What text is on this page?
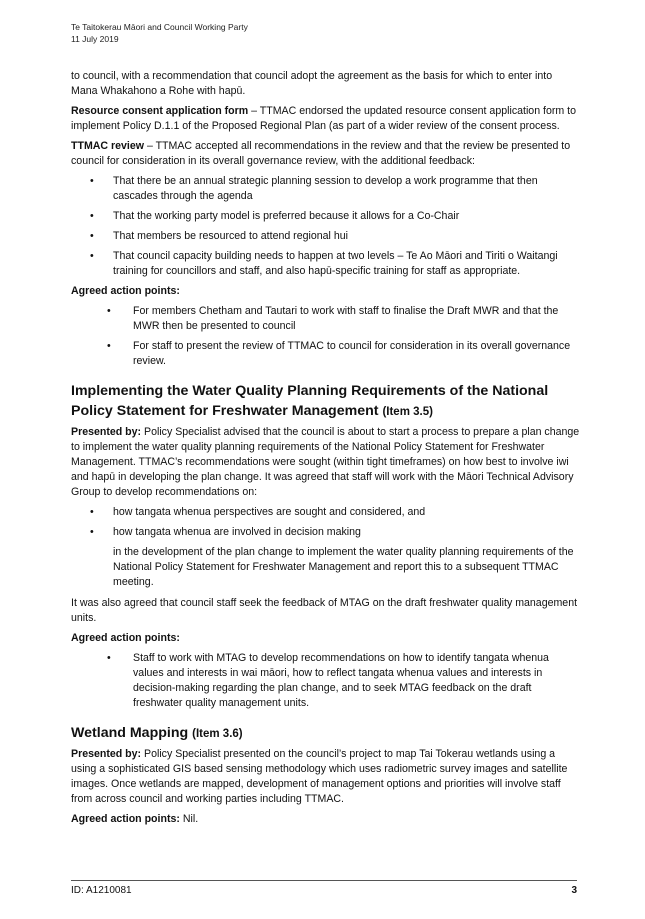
Te Taitokerau Māori and Council Working Party
11 July 2019

to council, with a recommendation that council adopt the agreement as the basis for which to enter into Mana Whakahono a Rohe with hapū.

Resource consent application form – TTMAC endorsed the updated resource consent application form to implement Policy D.1.1 of the Proposed Regional Plan (as part of a wider review of the consent process.

TTMAC review – TTMAC accepted all recommendations in the review and that the review be presented to council for consideration in its overall governance review, with the additional feedback:

• That there be an annual strategic planning session to develop a work programme that then cascades through the agenda
• That the working party model is preferred because it allows for a Co-Chair
• That members be resourced to attend regional hui
• That council capacity building needs to happen at two levels – Te Ao Māori and Tiriti o Waitangi training for councillors and staff, and also hapū-specific training for staff as appropriate.

Agreed action points:

• For members Chetham and Tautari to work with staff to finalise the Draft MWR and that the MWR then be presented to council
• For staff to present the review of TTMAC to council for consideration in its overall governance review.
Implementing the Water Quality Planning Requirements of the National Policy Statement for Freshwater Management (Item 3.5)

Presented by: Policy Specialist advised that the council is about to start a process to prepare a plan change to implement the water quality planning requirements of the National Policy Statement for Freshwater Management. TTMAC’s recommendations were sought (within tight timeframes) on how best to involve iwi and hapū in developing the plan change. It was agreed that staff will work with the Māori Technical Advisory Group to develop recommendations on:

• how tangata whenua perspectives are sought and considered, and
• how tangata whenua are involved in decision making

in the development of the plan change to implement the water quality planning requirements of the National Policy Statement for Freshwater Management and report this to a subsequent TTMAC meeting.

It was also agreed that council staff seek the feedback of MTAG on the draft freshwater quality management units.

Agreed action points:

• Staff to work with MTAG to develop recommendations on how to identify tangata whenua values and interests in wai māori, how to reflect tangata whenua values and interests in decision-making regarding the plan change, and to seek MTAG feedback on the draft freshwater quality management units.
Wetland Mapping (Item 3.6)

Presented by: Policy Specialist presented on the council’s project to map Tai Tokerau wetlands using a using a sophisticated GIS based sensing methodology which uses radiometric survey images and satellite images. Once wetlands are mapped, development of management options and priorities will involve staff from across council and working parties including TTMAC.

Agreed action points: Nil.

ID: A1210081	3
